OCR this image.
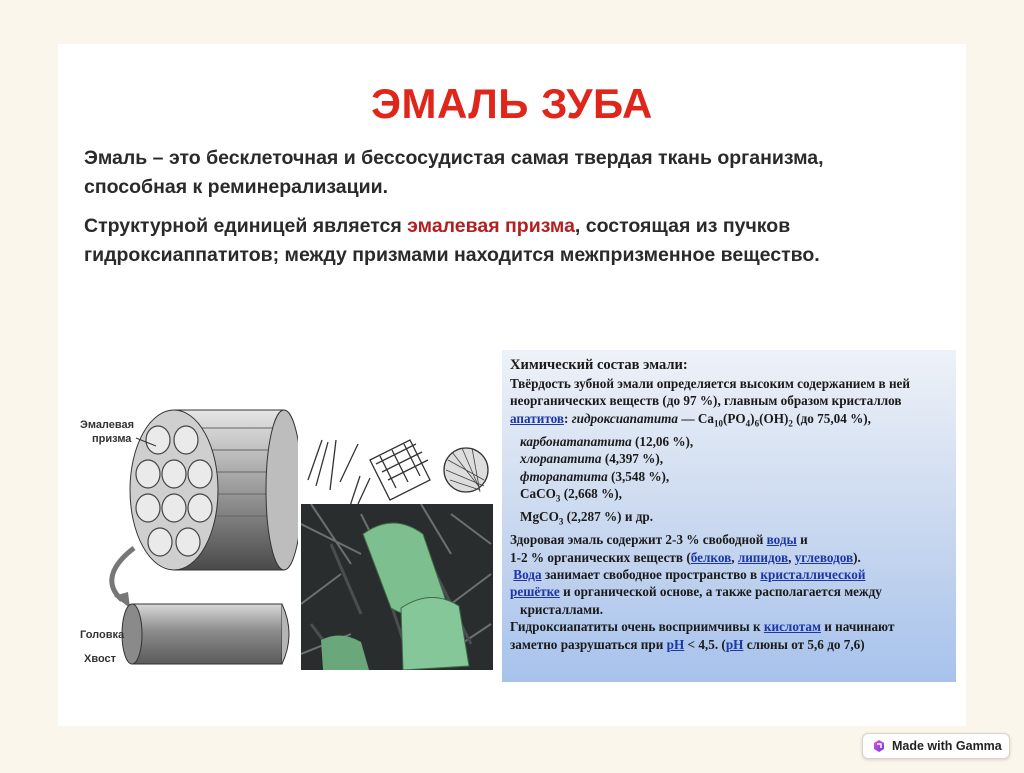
ЭМАЛЬ ЗУБА
Эмаль – это бесклеточная и бессосудистая самая твердая ткань организма,
способная к реминерализации.
Структурной единицей является эмалевая призма, состоящая из пучков
гидроксиаппатитов; между призмами находится межпризменное вещество.
Эмалевая
призма
Головка
Хвост
Химический состав эмали:
Твёрдость зубной эмали определяется высоким содержанием в ней
неорганических веществ (до 97 %), главным образом кристаллов
апатитов: гидроксиапатита — $Ca_{10}(PO_4)_6(OH)_2$ (до 75,04 %),
карбонатапатита (12,06 %),
хлорапатита (4,397 %),
фторапатита (3,548 %),
CaCO$_3$ (2,668 %),
MgCO$_3$ (2,287 %) и др.
Здоровая эмаль содержит 2-3 % свободной воды и
1-2 % органических веществ (белков, липидов, углеводов).
Вода занимает свободное пространство в кристаллической
решётке и органической основе, а также располагается между
кристаллами.
Гидроксиапатиты очень восприимчивы к кислотам и начинают
заметно разрушаться при pH < 4,5. (pH слюны от 5,6 до 7,6)
Made with Gamma
